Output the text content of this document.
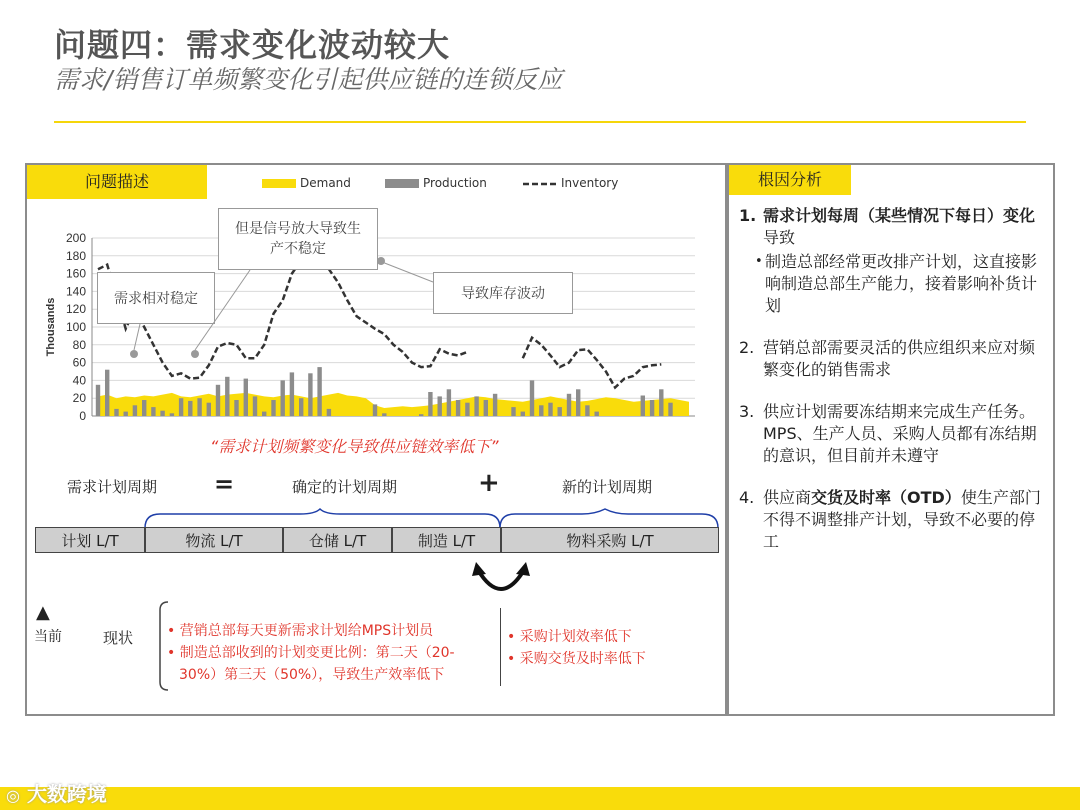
问题四：需求变化波动较大
需求/销售订单频繁变化引起供应链的连锁反应
问题描述	Demand	Production	Inventory
Thousands
0
20
40
60
80
100
120
140
160
180
200
需求相对稳定
但是信号放大导致生产不稳定
导致库存波动
“需求计划频繁变化导致供应链效率低下”
需求计划周期 =	确定的计划周期	+	新的计划周期
计划 L/T	物流 L/T	仓储 L/T	制造 L/T	物料采购 L/T
▲
当前	现状 • 营销总部每天更新需求计划给MPS计划员
• 制造总部收到的计划变更比例：第二天（20-
30%）第三天（50%），导致生产效率低下
• 采购计划效率低下
• 采购交货及时率低下
根因分析
1. 需求计划每周（某些情况下每日）变化导致
• 制造总部经常更改排产计划，这直接影响制造总部生产能力，接着影响补货计划
2. 营销总部需要灵活的供应组织来应对频繁变化的销售需求
3. 供应计划需要冻结期来完成生产任务。MPS、生产人员、采购人员都有冻结期的意识，但目前并未遵守
4. 供应商交货及时率（OTD）使生产部门不得不调整排产计划，导致不必要的停工
◎ 大数跨境
